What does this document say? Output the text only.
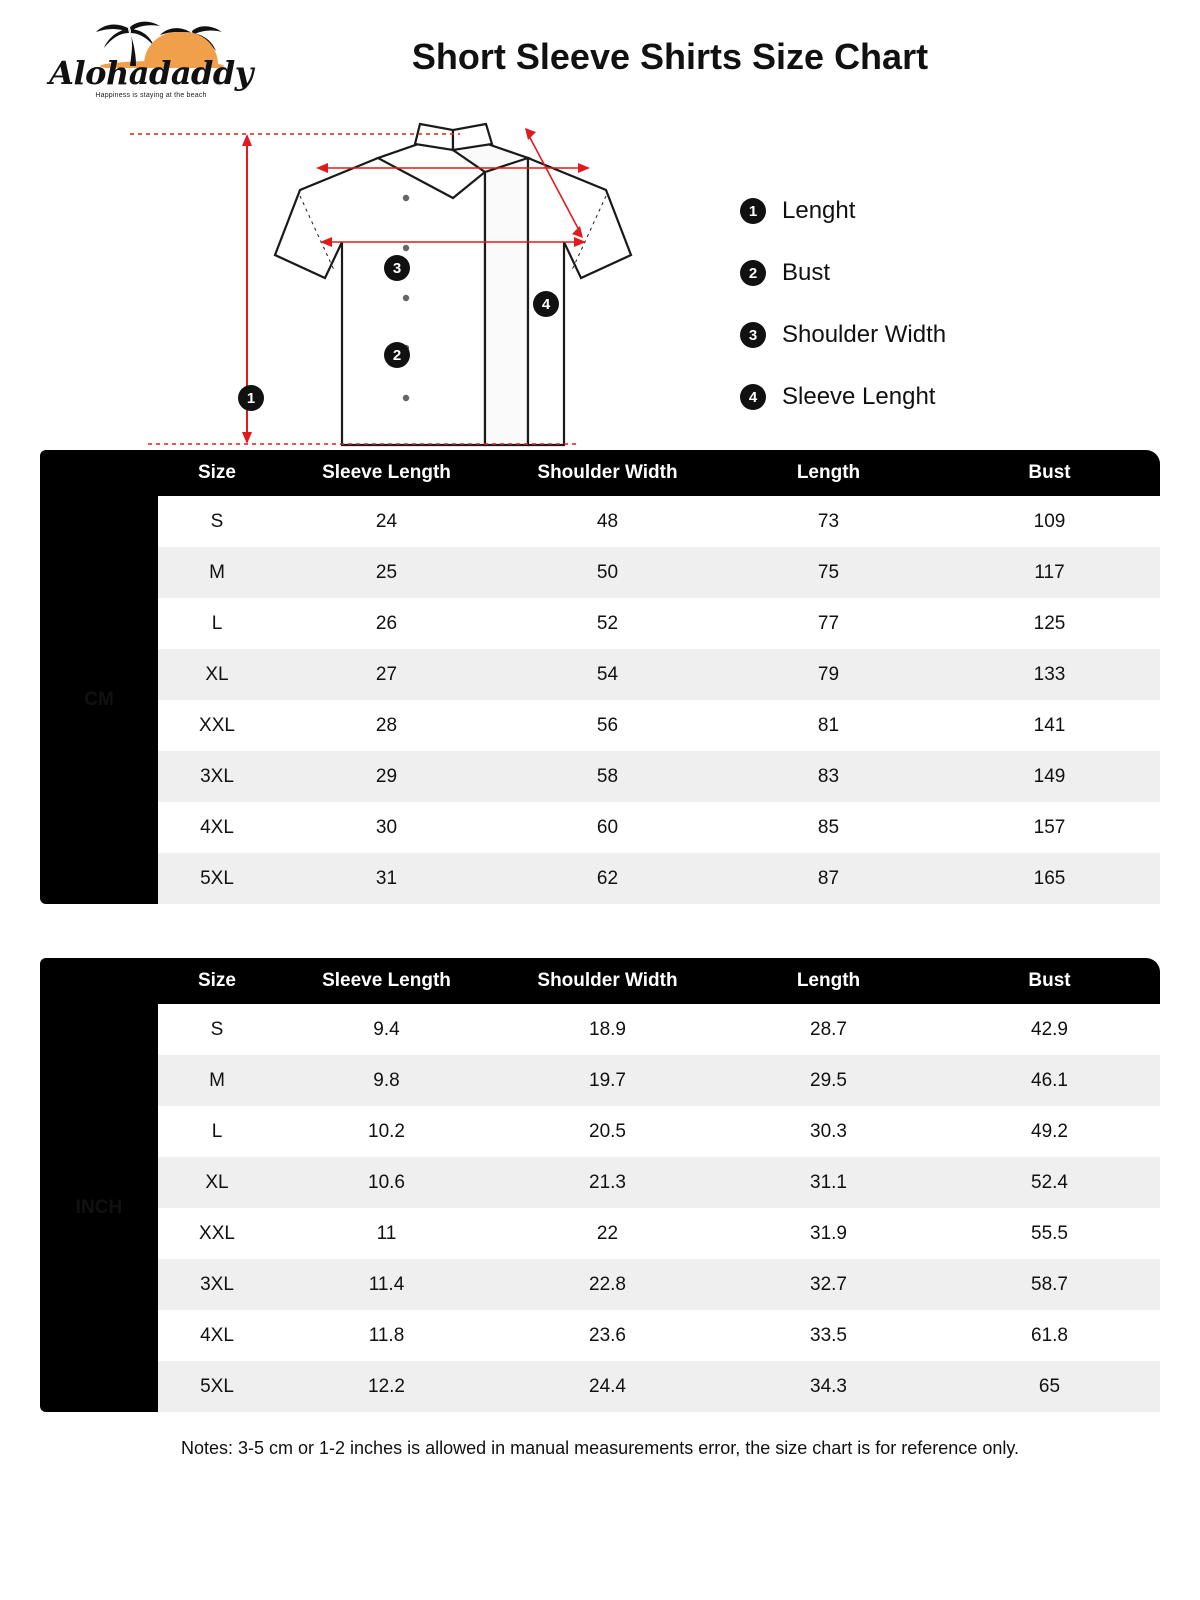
Alohadaddy
Happiness is staying at the beach
Short Sleeve Shirts Size Chart
1
2
3
4
1	Lenght
2	Bust
3	Shoulder Width
4	Sleeve Lenght
	Size	Sleeve Length	Shoulder Width	Length	Bust
CM	S	24	48	73	109
	M	25	50	75	117
	L	26	52	77	125
	XL	27	54	79	133
	XXL	28	56	81	141
	3XL	29	58	83	149
	4XL	30	60	85	157
	5XL	31	62	87	165
	Size	Sleeve Length	Shoulder Width	Length	Bust
INCH	S	9.4	18.9	28.7	42.9
	M	9.8	19.7	29.5	46.1
	L	10.2	20.5	30.3	49.2
	XL	10.6	21.3	31.1	52.4
	XXL	11	22	31.9	55.5
	3XL	11.4	22.8	32.7	58.7
	4XL	11.8	23.6	33.5	61.8
	5XL	12.2	24.4	34.3	65
Notes: 3-5 cm or 1-2 inches is allowed in manual measurements error, the size chart is for reference only.
